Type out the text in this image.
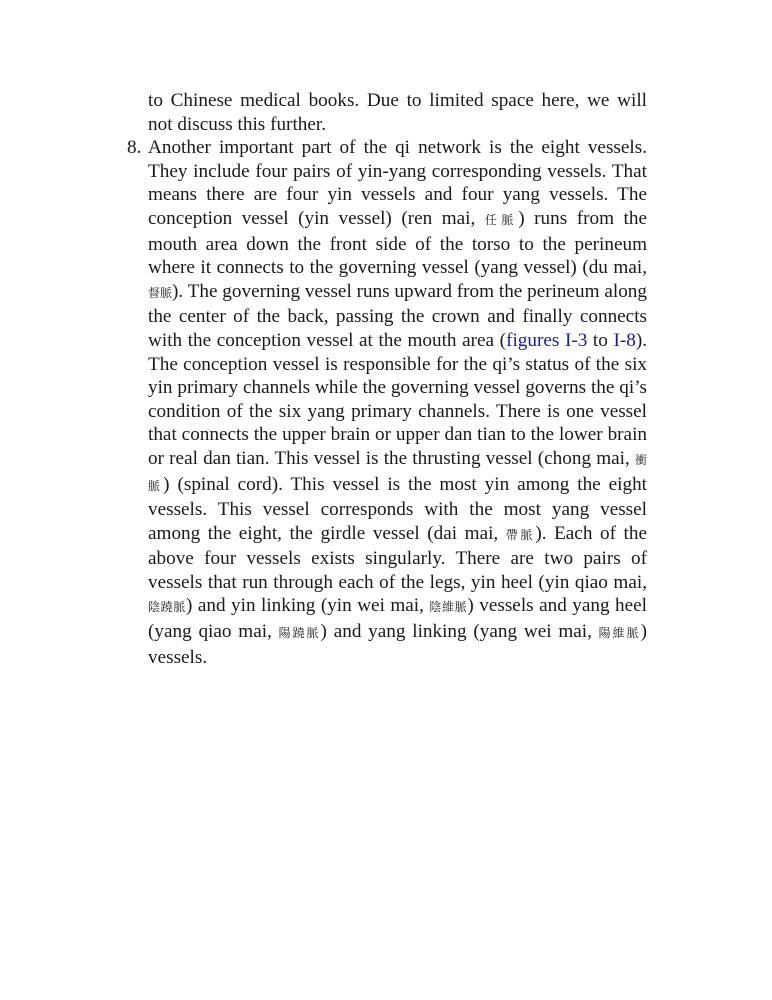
to Chinese medical books. Due to limited space here, we will not discuss this further.

8. Another important part of the qi network is the eight vessels. They include four pairs of yin-yang corresponding vessels. That means there are four yin vessels and four yang vessels. The conception vessel (yin vessel) (ren mai, 任脈) runs from the mouth area down the front side of the torso to the perineum where it connects to the governing vessel (yang vessel) (du mai, 督脈). The governing vessel runs upward from the perineum along the center of the back, passing the crown and finally connects with the conception vessel at the mouth area (figures I-3 to I-8). The conception vessel is responsible for the qi’s status of the six yin primary channels while the governing vessel governs the qi’s condition of the six yang primary channels. There is one vessel that connects the upper brain or upper dan tian to the lower brain or real dan tian. This vessel is the thrusting vessel (chong mai, 衝脈) (spinal cord). This vessel is the most yin among the eight vessels. This vessel corresponds with the most yang vessel among the eight, the girdle vessel (dai mai, 帶脈). Each of the above four vessels exists singularly. There are two pairs of vessels that run through each of the legs, yin heel (yin qiao mai, 陰蹺脈) and yin linking (yin wei mai, 陰維脈) vessels and yang heel (yang qiao mai, 陽蹺脈) and yang linking (yang wei mai, 陽維脈) vessels.
